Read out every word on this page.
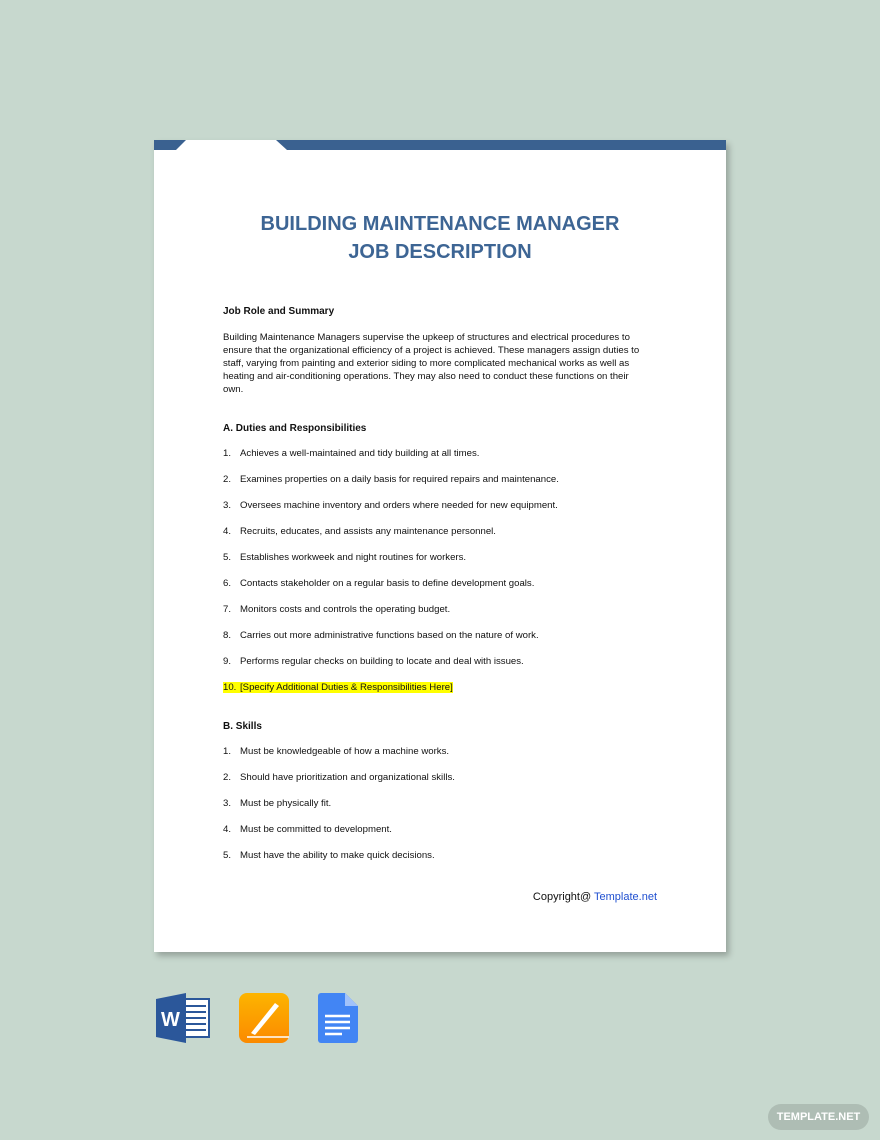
BUILDING MAINTENANCE MANAGER
JOB DESCRIPTION
Job Role and Summary
Building Maintenance Managers supervise the upkeep of structures and electrical procedures to ensure that the organizational efficiency of a project is achieved. These managers assign duties to staff, varying from painting and exterior siding to more complicated mechanical works as well as heating and air-conditioning operations. They may also need to conduct these functions on their own.
A. Duties and Responsibilities
1. Achieves a well-maintained and tidy building at all times.
2. Examines properties on a daily basis for required repairs and maintenance.
3. Oversees machine inventory and orders where needed for new equipment.
4. Recruits, educates, and assists any maintenance personnel.
5. Establishes workweek and night routines for workers.
6. Contacts stakeholder on a regular basis to define development goals.
7. Monitors costs and controls the operating budget.
8. Carries out more administrative functions based on the nature of work.
9. Performs regular checks on building to locate and deal with issues.
10. [Specify Additional Duties & Responsibilities Here]
B. Skills
1. Must be knowledgeable of how a machine works.
2. Should have prioritization and organizational skills.
3. Must be physically fit.
4. Must be committed to development.
5. Must have the ability to make quick decisions.
Copyright@ Template.net
W
TEMPLATE.NET
